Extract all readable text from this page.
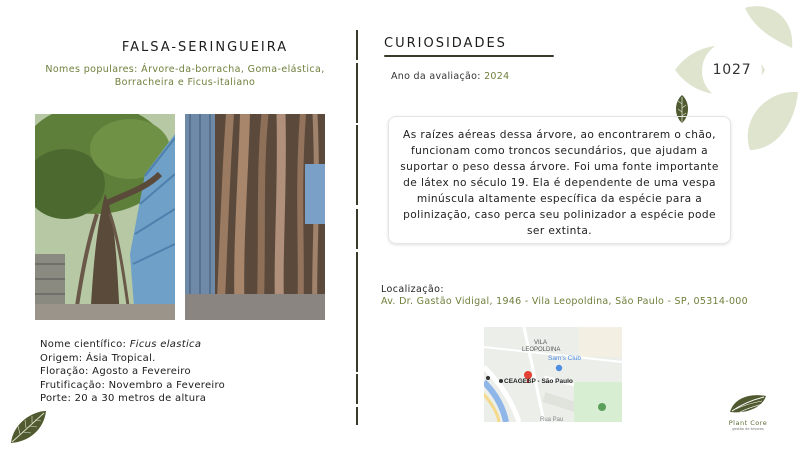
1027
FALSA-SERINGUEIRA
Nomes populares: Árvore-da-borracha, Goma-elástica,
Borracheira e Ficus-italiano
Nome científico: Ficus elastica
Origem: Ásia Tropical.
Floração: Agosto a Fevereiro
Frutificação: Novembro a Fevereiro
Porte: 20 a 30 metros de altura
CURIOSIDADES
Ano da avaliação: 2024
As raízes aéreas dessa árvore, ao encontrarem o chão, funcionam como troncos secundários, que ajudam a suportar o peso dessa árvore. Foi uma fonte importante de látex no século 19. Ela é dependente de uma vespa minúscula altamente específica da espécie para a polinização, caso perca seu polinizador a espécie pode ser extinta.
Localização:
Av. Dr. Gastão Vidigal, 1946 - Vila Leopoldina, São Paulo - SP, 05314-000
VILA
LEOPOLDINA
Sam's Club
CEAGESP - São Paulo
Rua Pau	Plant Core
gestão de árvores
